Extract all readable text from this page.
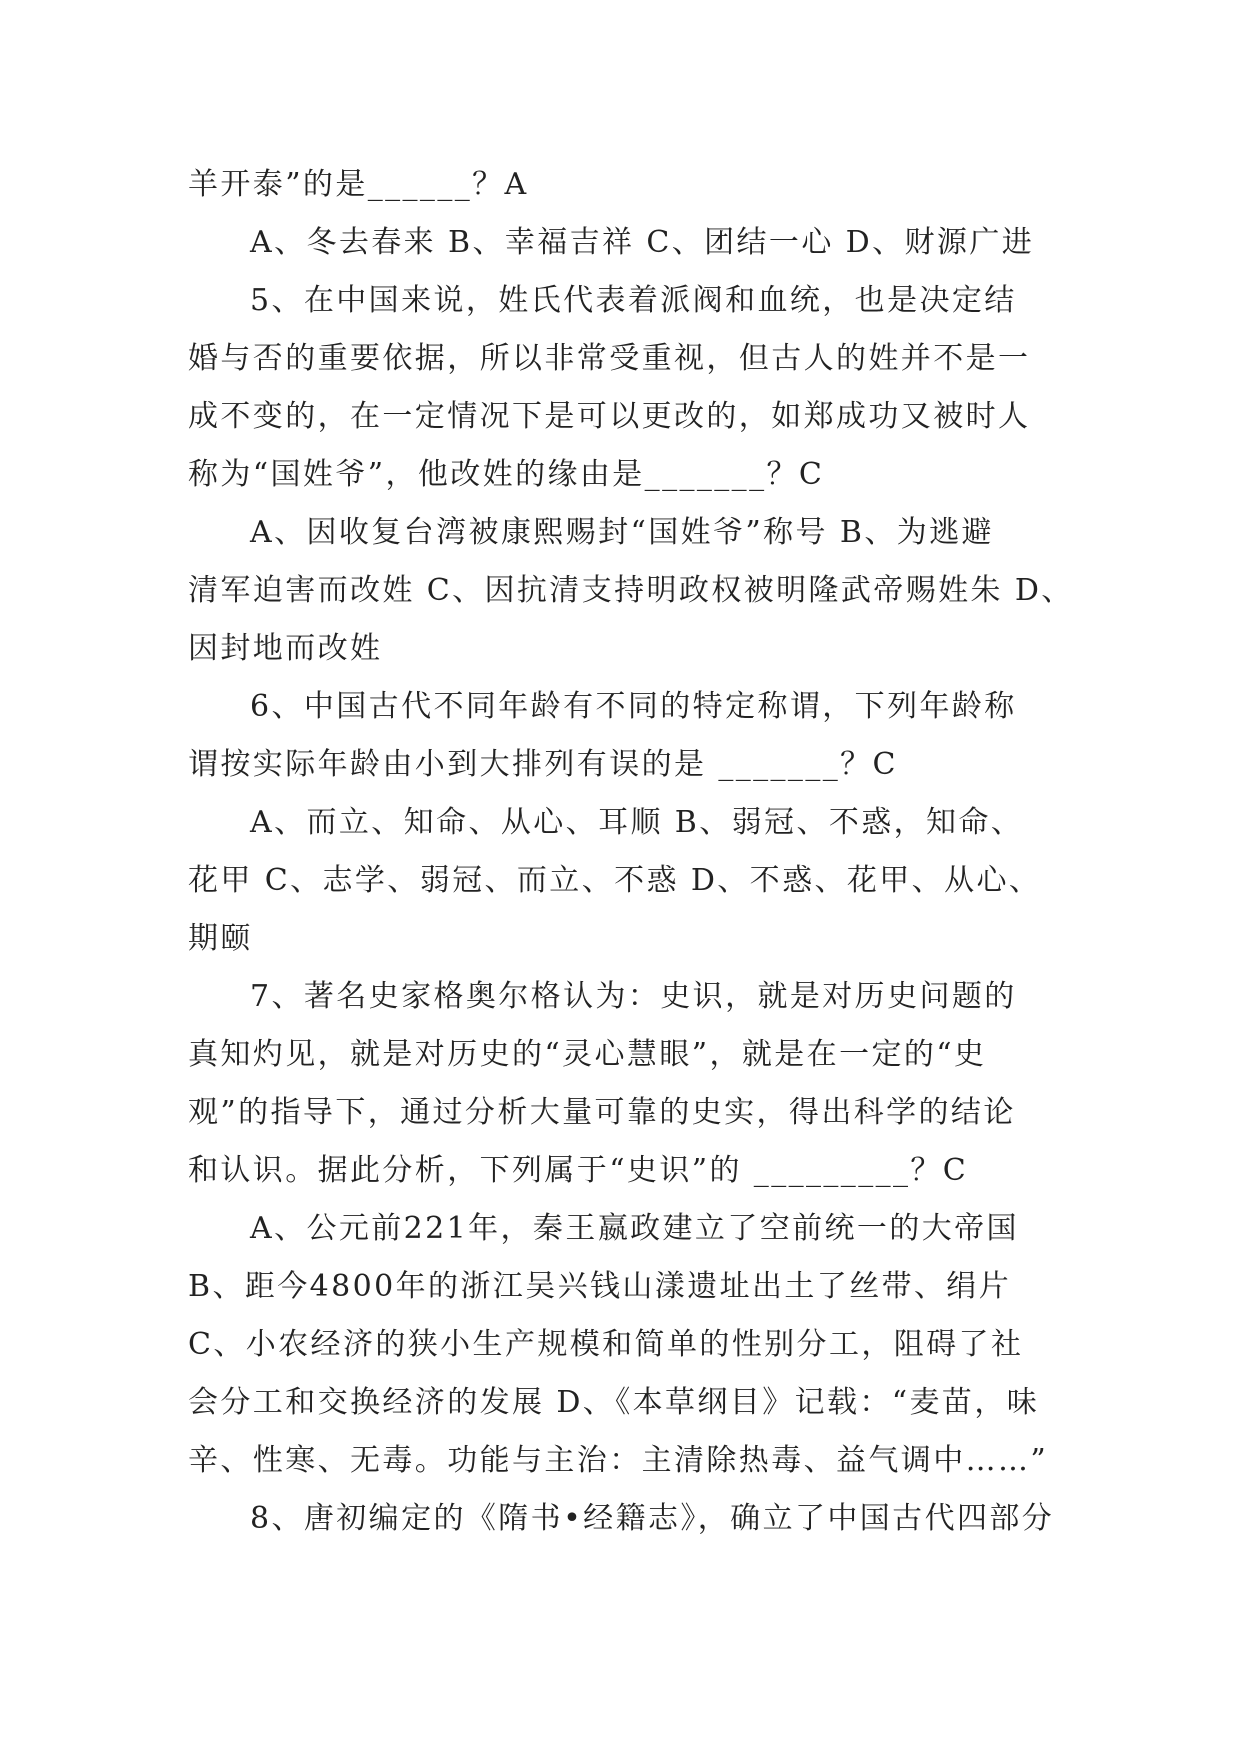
羊开泰”的是______？A
A、冬去春来 B、幸福吉祥 C、团结一心 D、财源广进
5、在中国来说，姓氏代表着派阀和血统，也是决定结
婚与否的重要依据，所以非常受重视，但古人的姓并不是一
成不变的，在一定情况下是可以更改的，如郑成功又被时人
称为“国姓爷”，他改姓的缘由是_______？C
A、因收复台湾被康熙赐封“国姓爷”称号 B、为逃避
清军迫害而改姓 C、因抗清支持明政权被明隆武帝赐姓朱 D、
因封地而改姓
6、中国古代不同年龄有不同的特定称谓，下列年龄称
谓按实际年龄由小到大排列有误的是 _______？C
A、而立、知命、从心、耳顺 B、弱冠、不惑，知命、
花甲 C、志学、弱冠、而立、不惑 D、不惑、花甲、从心、
期颐
7、著名史家格奥尔格认为：史识，就是对历史问题的
真知灼见，就是对历史的“灵心慧眼”，就是在一定的“史
观”的指导下，通过分析大量可靠的史实，得出科学的结论
和认识。据此分析，下列属于“史识”的 _________？C
A、公元前221年，秦王嬴政建立了空前统一的大帝国
B、距今4800年的浙江吴兴钱山漾遗址出土了丝带、绢片
C、小农经济的狭小生产规模和简单的性别分工，阻碍了社
会分工和交换经济的发展 D、《本草纲目》记载：“麦苗，味
辛、性寒、无毒。功能与主治：主清除热毒、益气调中……”
8、唐初编定的《隋书•经籍志》，确立了中国古代四部分
